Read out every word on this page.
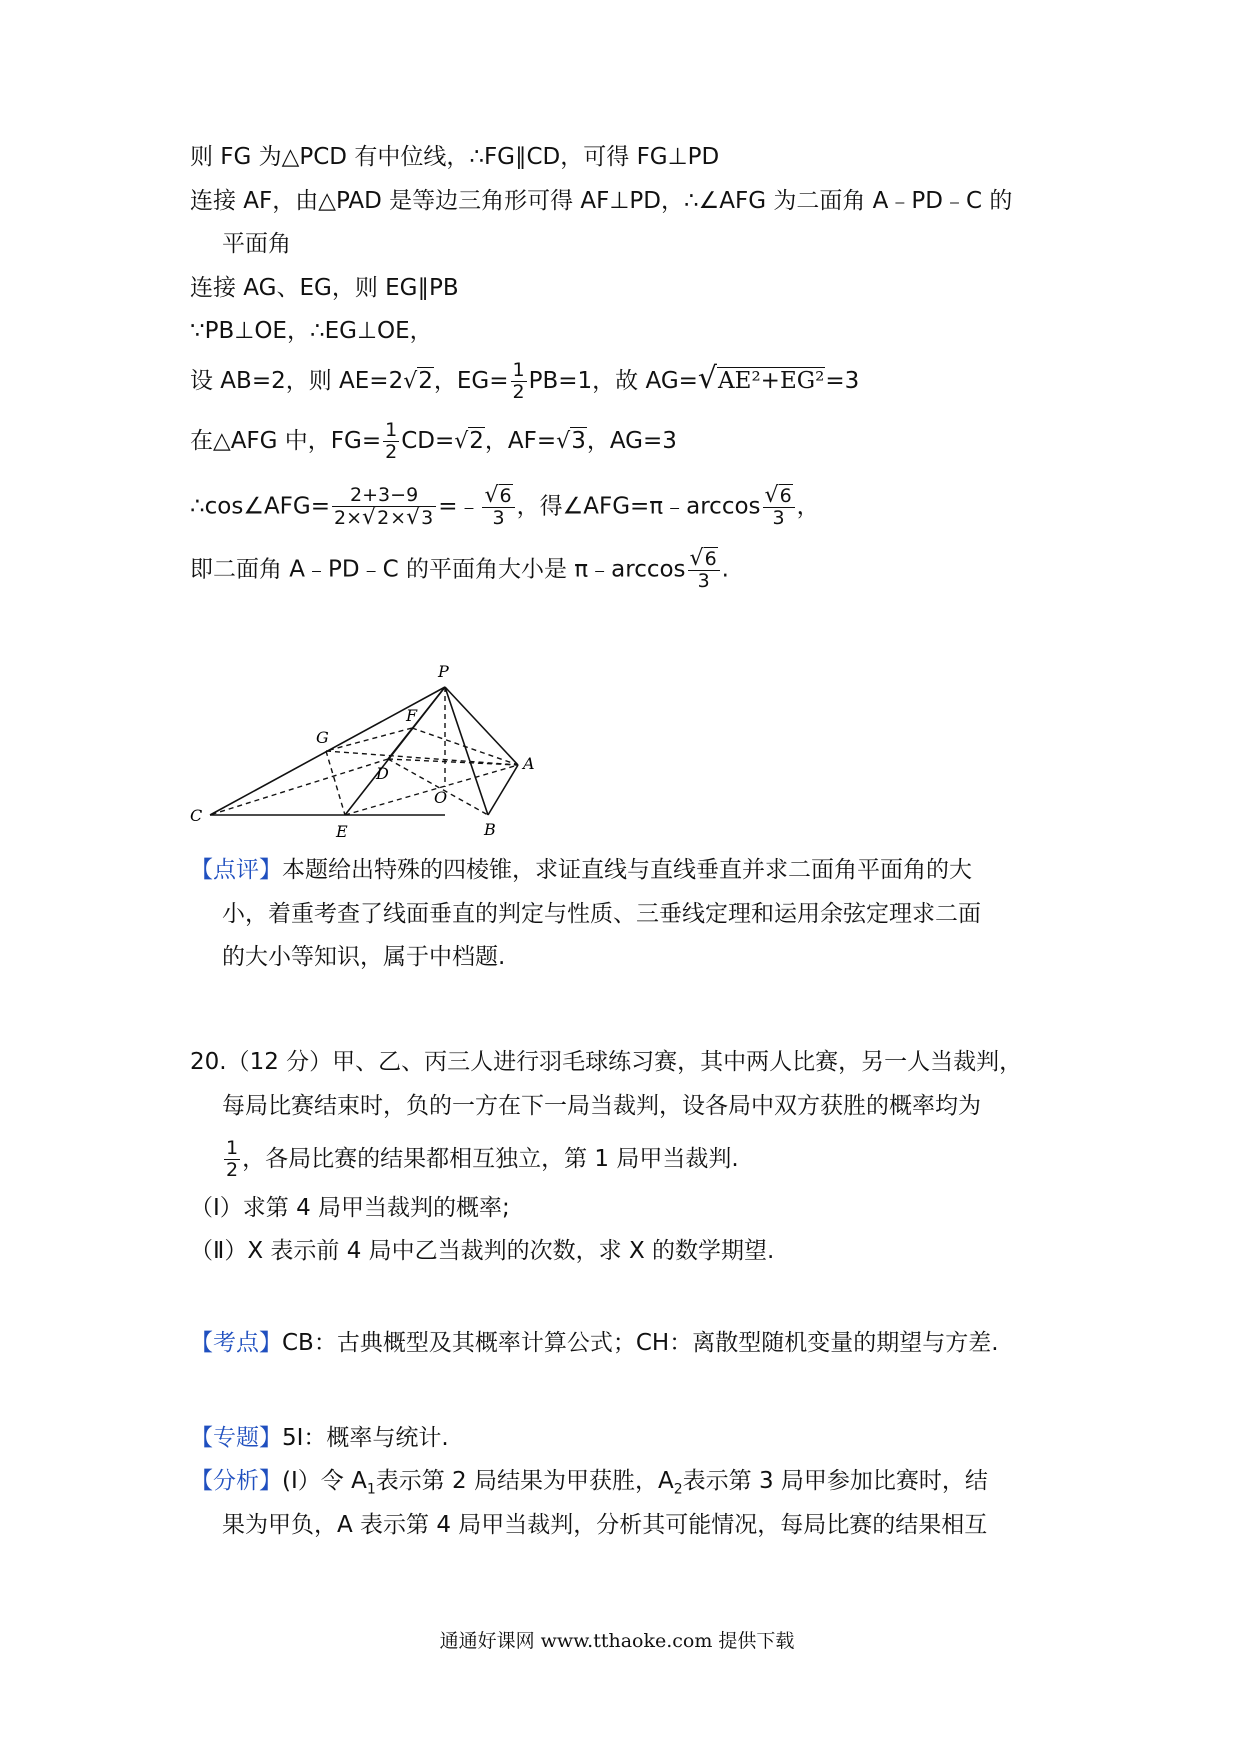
则 FG 为△PCD 有中位线，∴FG∥CD，可得 FG⊥PD
连接 AF，由△PAD 是等边三角形可得 AF⊥PD，∴∠AFG 为二面角 A﹣PD﹣C 的
平面角
连接 AG、EG，则 EG∥PB
∵PB⊥OE，∴EG⊥OE，
设 AB=2，则 AE=2√2，$EG= \frac{1}{2} PB=1$，故 AG=√AE²+EG²=3
在△AFG 中，$FG= \frac{1}{2} CD=√2$，AF=√3，AG=3
∴cos∠AFG= $\frac{2+3-9}{2\times√2\times√3}$ =﹣ $\frac{√6}{3}$ ，得∠AFG=π﹣arccos $\frac{√6}{3}$ ，
即二面角 A﹣PD﹣C 的平面角大小是 π﹣arccos $\frac{√6}{3}$ .
P
F
G
A
D
O
C
E	B
【点评】本题给出特殊的四棱锥，求证直线与直线垂直并求二面角平面角的大
小，着重考查了线面垂直的判定与性质、三垂线定理和运用余弦定理求二面
的大小等知识，属于中档题.
20.（12 分）甲、乙、丙三人进行羽毛球练习赛，其中两人比赛，另一人当裁判，
每局比赛结束时，负的一方在下一局当裁判，设各局中双方获胜的概率均为
$\frac{1}{2}$ ，各局比赛的结果都相互独立，第 1 局甲当裁判.
（Ⅰ）求第 4 局甲当裁判的概率;
（Ⅱ）X 表示前 4 局中乙当裁判的次数，求 X 的数学期望.
【考点】CB：古典概型及其概率计算公式；CH：离散型随机变量的期望与方差.
【专题】5I：概率与统计.
【分析】(I）令 $A_1$表示第 2 局结果为甲获胜，$A_2$表示第 3 局甲参加比赛时，结
果为甲负，A 表示第 4 局甲当裁判，分析其可能情况，每局比赛的结果相互
通通好课网 www.tthaoke.com 提供下载
